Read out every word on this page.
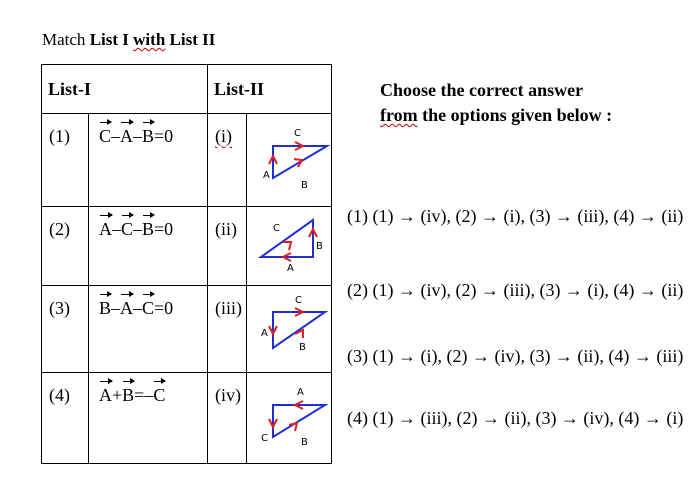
Match List I with List II
List-I		List-II	

(1)	C–A–B=0	(i)	C
A
B

(2)	A–C–B=0	(ii)	C
B
A

(3)	B–A–C=0	(iii)	C
A
B

(4)	A+B=–C	(iv)	A
C B
Choose the correct answer
from the options given below :
(1) (1) → (iv), (2) → (i), (3) → (iii), (4) → (ii)
· (2) (1) → (iv), (2) → (iii), (3) → (i), (4) → (ii)
(3) (1) → (i), (2) → (iv), (3) → (ii), (4) → (iii)
(4) (1) → (iii), (2) → (ii), (3) → (iv), (4) → (i)
